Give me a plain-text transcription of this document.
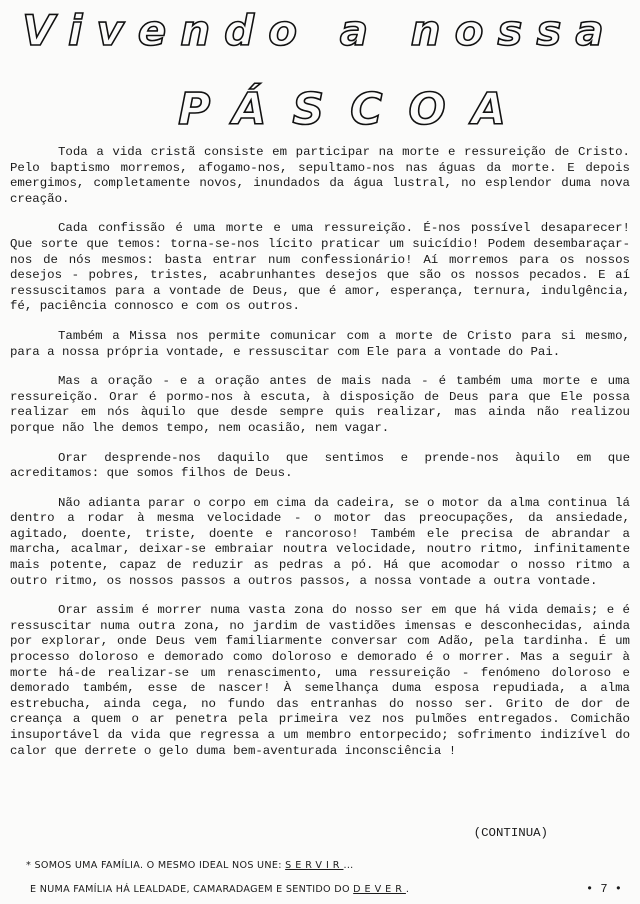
Vivendo a nossa
PÁSCOA

Toda a vida cristã consiste em participar na morte e ressureição de Cristo. Pelo baptismo morremos, afogamo-nos, sepultamo-nos nas águas da morte. E depois emergimos, completamente novos, inundados da água lustral, no esplendor duma nova creação.

Cada confissão é uma morte e uma ressureição. É-nos possível desaparecer! Que sorte que temos: torna-se-nos lícito praticar um suicídio! Podem desembaraçar-nos de nós mesmos: basta entrar num confessionário! Aí morremos para os nossos desejos - pobres, tristes, acabrunhantes desejos que são os nossos pecados. E aí ressuscitamos para a vontade de Deus, que é amor, esperança, ternura, indulgência, fé, paciência connosco e com os outros.

Também a Missa nos permite comunicar com a morte de Cristo para si mesmo, para a nossa própria vontade, e ressuscitar com Ele para a vontade do Pai.

Mas a oração - e a oração antes de mais nada - é também uma morte e uma ressureição. Orar é pormo-nos à escuta, à disposição de Deus para que Ele possa realizar em nós àquilo que desde sempre quis realizar, mas ainda não realizou porque não lhe demos tempo, nem ocasião, nem vagar.

Orar desprende-nos daquilo que sentimos e prende-nos àquilo em que acreditamos: que somos filhos de Deus.

Não adianta parar o corpo em cima da cadeira, se o motor da alma continua lá dentro a rodar à mesma velocidade - o motor das preocupações, da ansiedade, agitado, doente, triste, doente e rancoroso! Também ele precisa de abrandar a marcha, acalmar, deixar-se embraiar noutra velocidade, noutro ritmo, infinitamente mais potente, capaz de reduzir as pedras a pó. Há que acomodar o nosso ritmo a outro ritmo, os nossos passos a outros passos, a nossa vontade a outra vontade.

Orar assim é morrer numa vasta zona do nosso ser em que há vida demais; e é ressuscitar numa outra zona, no jardim de vastidões imensas e desconhecidas, ainda por explorar, onde Deus vem familiarmente conversar com Adão, pela tardinha. É um processo doloroso e demorado como doloroso e demorado é o morrer. Mas a seguir à morte há-de realizar-se um renascimento, uma ressureição - fenómeno doloroso e demorado também, esse de nascer! À semelhança duma esposa repudiada, a alma estrebucha, ainda cega, no fundo das entranhas do nosso ser. Grito de dor de creança a quem o ar penetra pela primeira vez nos pulmões entregados. Comichão insuportável da vida que regressa a um membro entorpecido; sofrimento indizível do calor que derrete o gelo duma bem-aventurada inconsciência !

(CONTINUA)
* SOMOS UMA FAMÍLIA. O MESMO IDEAL NOS UNE: SERVIR...
E NUMA FAMÍLIA HÁ LEALDADE, CAMARADAGEM E SENTIDO DO DEVER.	• 7 •
